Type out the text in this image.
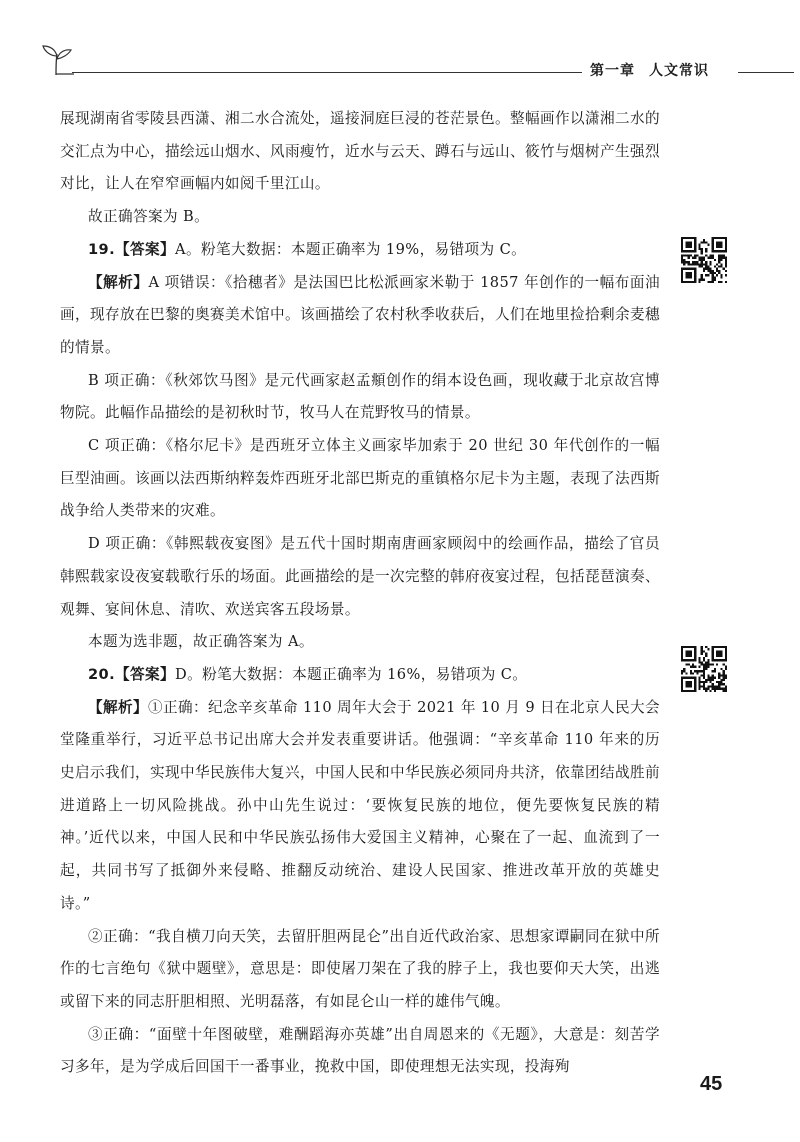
第一章 人文常识

展现湖南省零陵县西潇、湘二水合流处，遥接洞庭巨浸的苍茫景色。整幅画作以潇湘二水的交汇点为中心，描绘远山烟水、风雨瘦竹，近水与云天、蹲石与远山、筱竹与烟树产生强烈对比，让人在窄窄画幅内如阅千里江山。

故正确答案为 B。

19.【答案】A。粉笔大数据：本题正确率为 19%，易错项为 C。

【解析】A 项错误：《拾穗者》是法国巴比松派画家米勒于 1857 年创作的一幅布面油画，现存放在巴黎的奥赛美术馆中。该画描绘了农村秋季收获后，人们在地里捡拾剩余麦穗的情景。

B 项正确：《秋郊饮马图》是元代画家赵孟頫创作的绢本设色画，现收藏于北京故宫博物院。此幅作品描绘的是初秋时节，牧马人在荒野牧马的情景。

C 项正确：《格尔尼卡》是西班牙立体主义画家毕加索于 20 世纪 30 年代创作的一幅巨型油画。该画以法西斯纳粹轰炸西班牙北部巴斯克的重镇格尔尼卡为主题，表现了法西斯战争给人类带来的灾难。

D 项正确：《韩熙载夜宴图》是五代十国时期南唐画家顾闳中的绘画作品，描绘了官员韩熙载家设夜宴载歌行乐的场面。此画描绘的是一次完整的韩府夜宴过程，包括琵琶演奏、观舞、宴间休息、清吹、欢送宾客五段场景。

本题为选非题，故正确答案为 A。

20.【答案】D。粉笔大数据：本题正确率为 16%，易错项为 C。

【解析】①正确：纪念辛亥革命 110 周年大会于 2021 年 10 月 9 日在北京人民大会堂隆重举行，习近平总书记出席大会并发表重要讲话。他强调：“辛亥革命 110 年来的历史启示我们，实现中华民族伟大复兴，中国人民和中华民族必须同舟共济，依靠团结战胜前进道路上一切风险挑战。孙中山先生说过：‘要恢复民族的地位，便先要恢复民族的精神。’近代以来，中国人民和中华民族弘扬伟大爱国主义精神，心聚在了一起、血流到了一起，共同书写了抵御外来侵略、推翻反动统治、建设人民国家、推进改革开放的英雄史诗。”

②正确：“我自横刀向天笑，去留肝胆两昆仑”出自近代政治家、思想家谭嗣同在狱中所作的七言绝句《狱中题壁》，意思是：即使屠刀架在了我的脖子上，我也要仰天大笑，出逃或留下来的同志肝胆相照、光明磊落，有如昆仑山一样的雄伟气魄。

③正确：“面壁十年图破壁，难酬蹈海亦英雄”出自周恩来的《无题》，大意是：刻苦学习多年，是为学成后回国干一番事业，挽救中国，即使理想无法实现，投海殉

45
